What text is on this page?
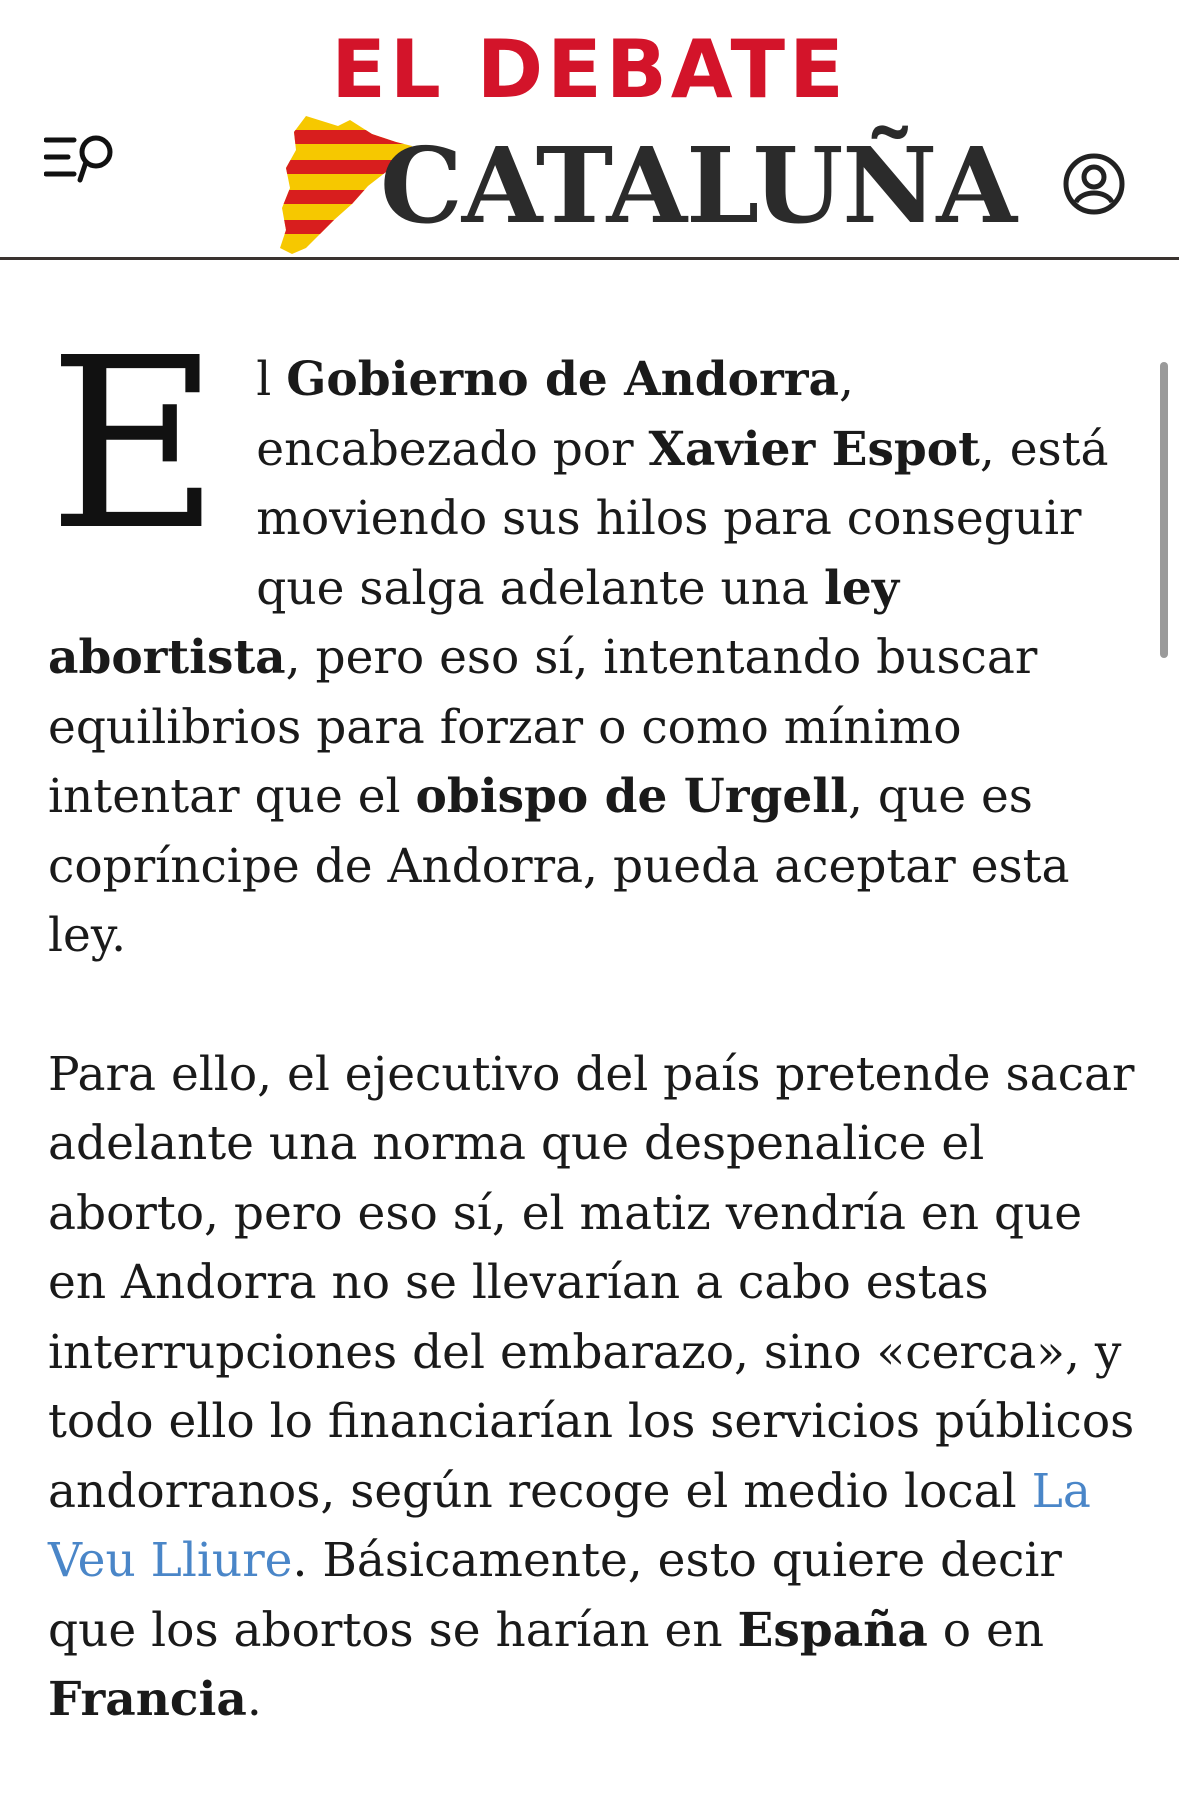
EL DEBATE
CATALUÑA

El Gobierno de Andorra, encabezado por Xavier Espot, está moviendo sus hilos para conseguir que salga adelante una ley abortista, pero eso sí, intentando buscar equilibrios para forzar o como mínimo intentar que el obispo de Urgell, que es copríncipe de Andorra, pueda aceptar esta ley.

Para ello, el ejecutivo del país pretende sacar adelante una norma que despenalice el aborto, pero eso sí, el matiz vendría en que en Andorra no se llevarían a cabo estas interrupciones del embarazo, sino «cerca», y todo ello lo financiarían los servicios públicos andorranos, según recoge el medio local La Veu Lliure. Básicamente, esto quiere decir que los abortos se harían en España o en Francia.
